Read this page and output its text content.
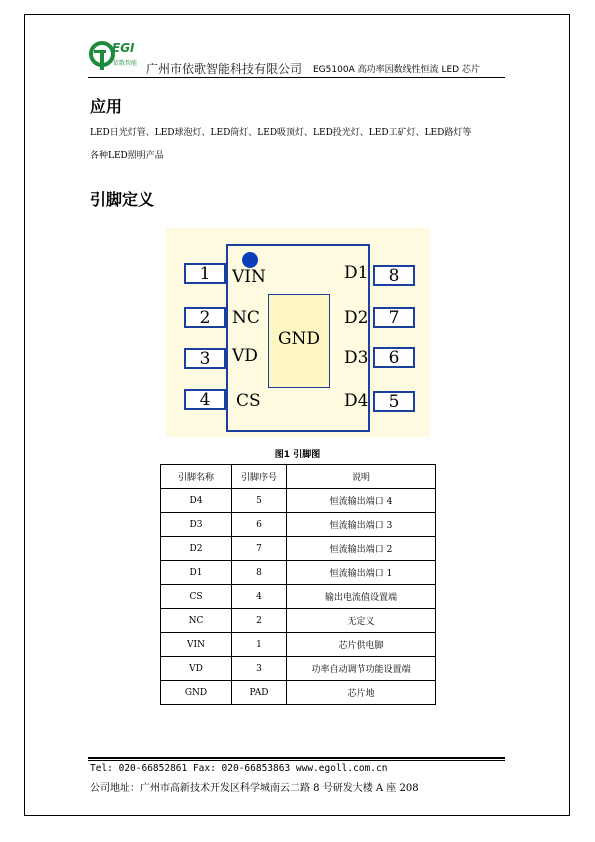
EGI
依歌智能 广州市依歌智能科技有限公司 EG5100A 高功率因数线性恒流 LED 芯片
应用
LED日光灯管、LED球泡灯、LED筒灯、LED吸顶灯、LED投光灯、LED工矿灯、LED路灯等
各种LED照明产品
引脚定义
GND
1
2
3
4
VIN
NC
VD
CS
8
7
6
5
D1
D2
D3
D4
图1 引脚图
引脚名称	引脚序号	说明
D4	5	恒流输出端口 4
D3	6	恒流输出端口 3
D2	7	恒流输出端口 2
D1	8	恒流输出端口 1
CS	4	输出电流值设置端
NC	2	无定义
VIN	1	芯片供电脚
VD	3	功率自动调节功能设置端
GND	PAD	芯片地
Tel: 020-66852861 Fax: 020-66853863 www.egoll.com.cn
公司地址：广州市高新技术开发区科学城南云二路 8 号研发大楼 A 座 208
